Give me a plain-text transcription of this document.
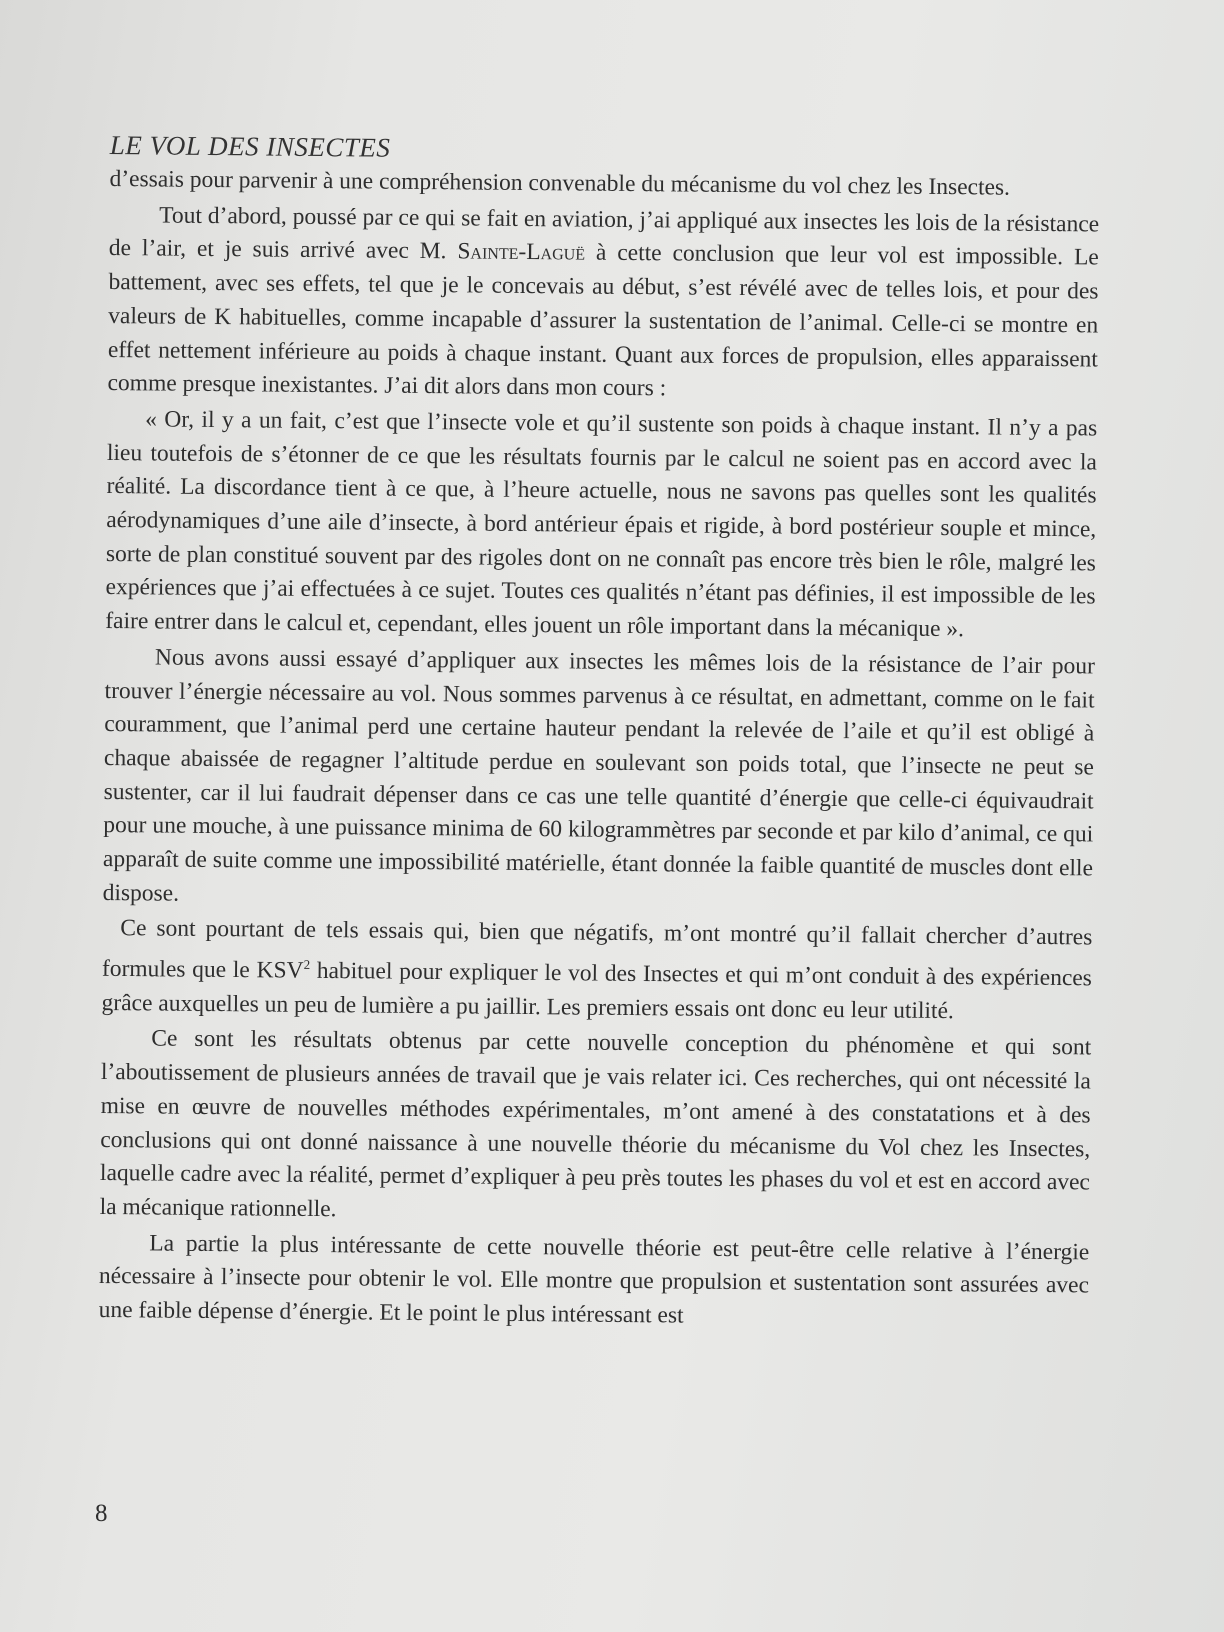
LE VOL DES INSECTES

d’essais pour parvenir à une compréhension convenable du mécanisme du vol chez les Insectes.

Tout d’abord, poussé par ce qui se fait en aviation, j’ai appliqué aux insectes les lois de la résistance de l’air, et je suis arrivé avec M. Sainte-Laguë à cette conclusion que leur vol est impossible. Le battement, avec ses effets, tel que je le concevais au début, s’est révélé avec de telles lois, et pour des valeurs de K habituelles, comme incapable d’assurer la sustentation de l’animal. Celle-ci se montre en effet nettement inférieure au poids à chaque instant. Quant aux forces de propulsion, elles apparaissent comme presque inexistantes. J’ai dit alors dans mon cours :

« Or, il y a un fait, c’est que l’insecte vole et qu’il sustente son poids à chaque instant. Il n’y a pas lieu toutefois de s’étonner de ce que les résultats fournis par le calcul ne soient pas en accord avec la réalité. La discordance tient à ce que, à l’heure actuelle, nous ne savons pas quelles sont les qualités aérodynamiques d’une aile d’insecte, à bord antérieur épais et rigide, à bord postérieur souple et mince, sorte de plan constitué souvent par des rigoles dont on ne connaît pas encore très bien le rôle, malgré les expériences que j’ai effectuées à ce sujet. Toutes ces qualités n’étant pas définies, il est impossible de les faire entrer dans le calcul et, cependant, elles jouent un rôle important dans la mécanique ».

Nous avons aussi essayé d’appliquer aux insectes les mêmes lois de la résistance de l’air pour trouver l’énergie nécessaire au vol. Nous sommes parvenus à ce résultat, en admettant, comme on le fait couramment, que l’animal perd une certaine hauteur pendant la relevée de l’aile et qu’il est obligé à chaque abaissée de regagner l’altitude perdue en soulevant son poids total, que l’insecte ne peut se sustenter, car il lui faudrait dépenser dans ce cas une telle quantité d’énergie que celle-ci équivaudrait pour une mouche, à une puissance minima de 60 kilogrammètres par seconde et par kilo d’animal, ce qui apparaît de suite comme une impossibilité matérielle, étant donnée la faible quantité de muscles dont elle dispose.

Ce sont pourtant de tels essais qui, bien que négatifs, m’ont montré qu’il fallait chercher d’autres formules que le KSV$^2$ habituel pour expliquer le vol des Insectes et qui m’ont conduit à des expériences grâce auxquelles un peu de lumière a pu jaillir. Les premiers essais ont donc eu leur utilité.

Ce sont les résultats obtenus par cette nouvelle conception du phénomène et qui sont l’aboutissement de plusieurs années de travail que je vais relater ici. Ces recherches, qui ont nécessité la mise en œuvre de nouvelles méthodes expérimentales, m’ont amené à des constatations et à des conclusions qui ont donné naissance à une nouvelle théorie du mécanisme du Vol chez les Insectes, laquelle cadre avec la réalité, permet d’expliquer à peu près toutes les phases du vol et est en accord avec la mécanique rationnelle.

La partie la plus intéressante de cette nouvelle théorie est peut-être celle relative à l’énergie nécessaire à l’insecte pour obtenir le vol. Elle montre que propulsion et sustentation sont assurées avec une faible dépense d’énergie. Et le point le plus intéressant est

8
